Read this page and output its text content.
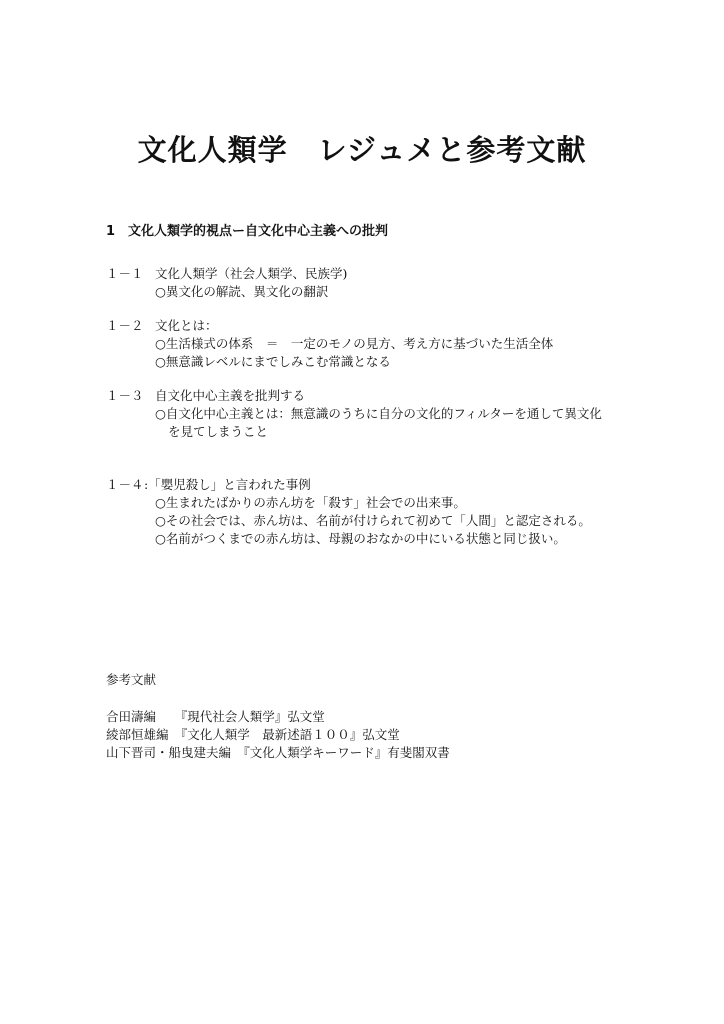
文化人類学　レジュメと参考文献
1　文化人類学的視点ー自文化中心主義への批判

１－１ 文化人類学（社会人類学、民族学)

○異文化の解読、異文化の翻訳

１－２ 文化とは：

○生活様式の体系　＝　一定のモノの見方、考え方に基づいた生活全体

○無意識レベルにまでしみこむ常識となる

１－３ 自文化中心主義を批判する

○自文化中心主義とは：無意識のうちに自分の文化的フィルターを通して異文化

を見てしまうこと

１－４ :「嬰児殺し」と言われた事例

○生まれたばかりの赤ん坊を「殺す」社会での出来事。

○その社会では、赤ん坊は、名前が付けられて初めて「人間」と認定される。

○名前がつくまでの赤ん坊は、母親のおなかの中にいる状態と同じ扱い。

参考文献

合田濤編　　『現代社会人類学』弘文堂

綾部恒雄編　『文化人類学　最新述語１００』弘文堂

山下晋司・船曳建夫編　『文化人類学キーワード』有斐閣双書
